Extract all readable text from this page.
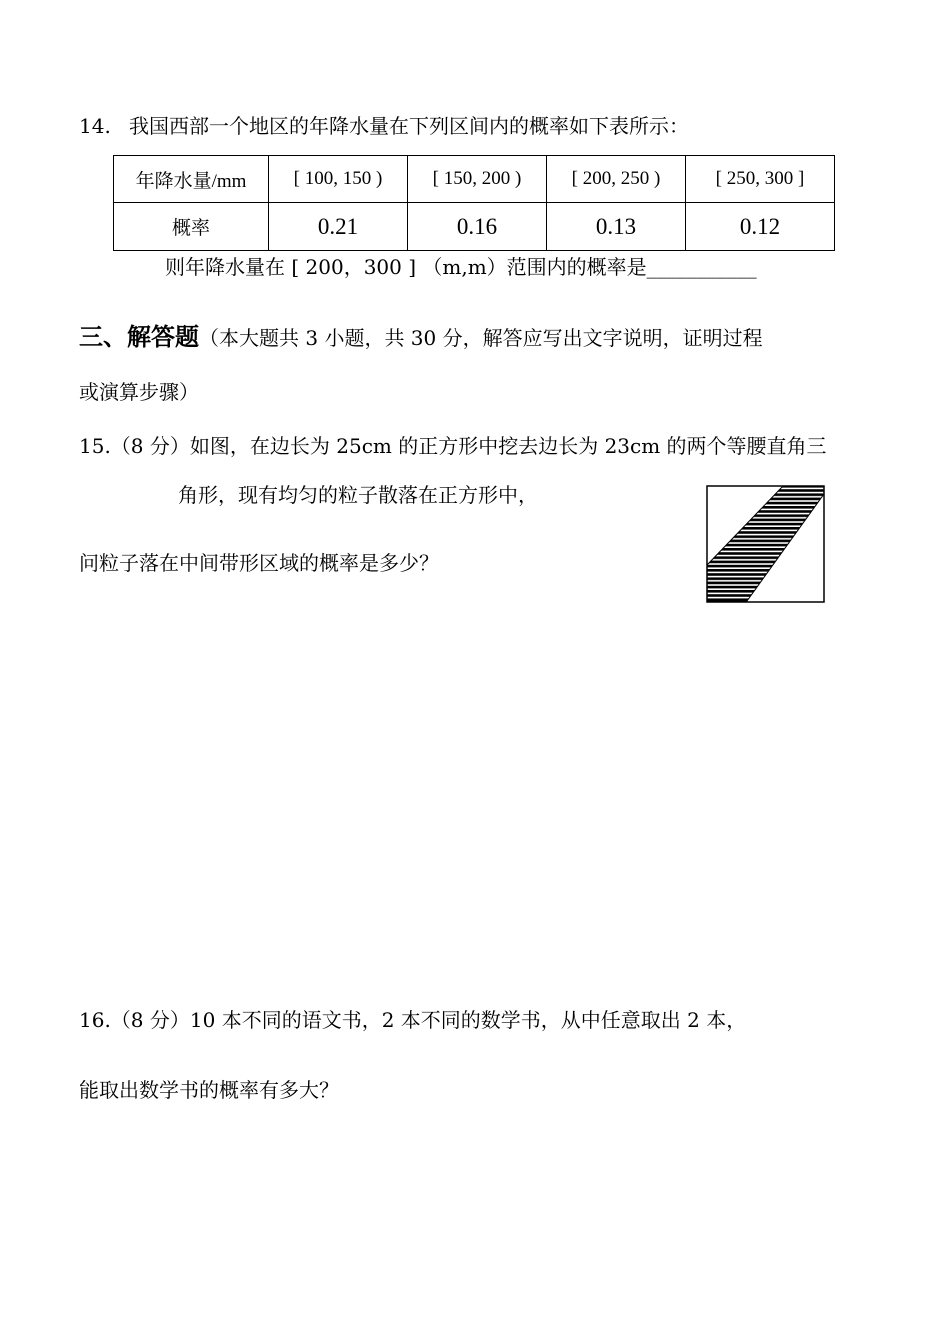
14. 我国西部一个地区的年降水量在下列区间内的概率如下表所示：
年降水量/mm	[ 100, 150 )	[ 150, 200 )	[ 200, 250 )	[ 250, 300 ]
概率	0.21	0.16	0.13	0.12
则年降水量在 [ 200，300 ] （m,m）范围内的概率是___________
三、解答题（本大题共 3 小题，共 30 分，解答应写出文字说明，证明过程
或演算步骤）
15.（8 分）如图，在边长为 25cm 的正方形中挖去边长为 23cm 的两个等腰直角三
角形，现有均匀的粒子散落在正方形中，
问粒子落在中间带形区域的概率是多少？
16.（8 分）10 本不同的语文书，2 本不同的数学书，从中任意取出 2 本，
能取出数学书的概率有多大？
